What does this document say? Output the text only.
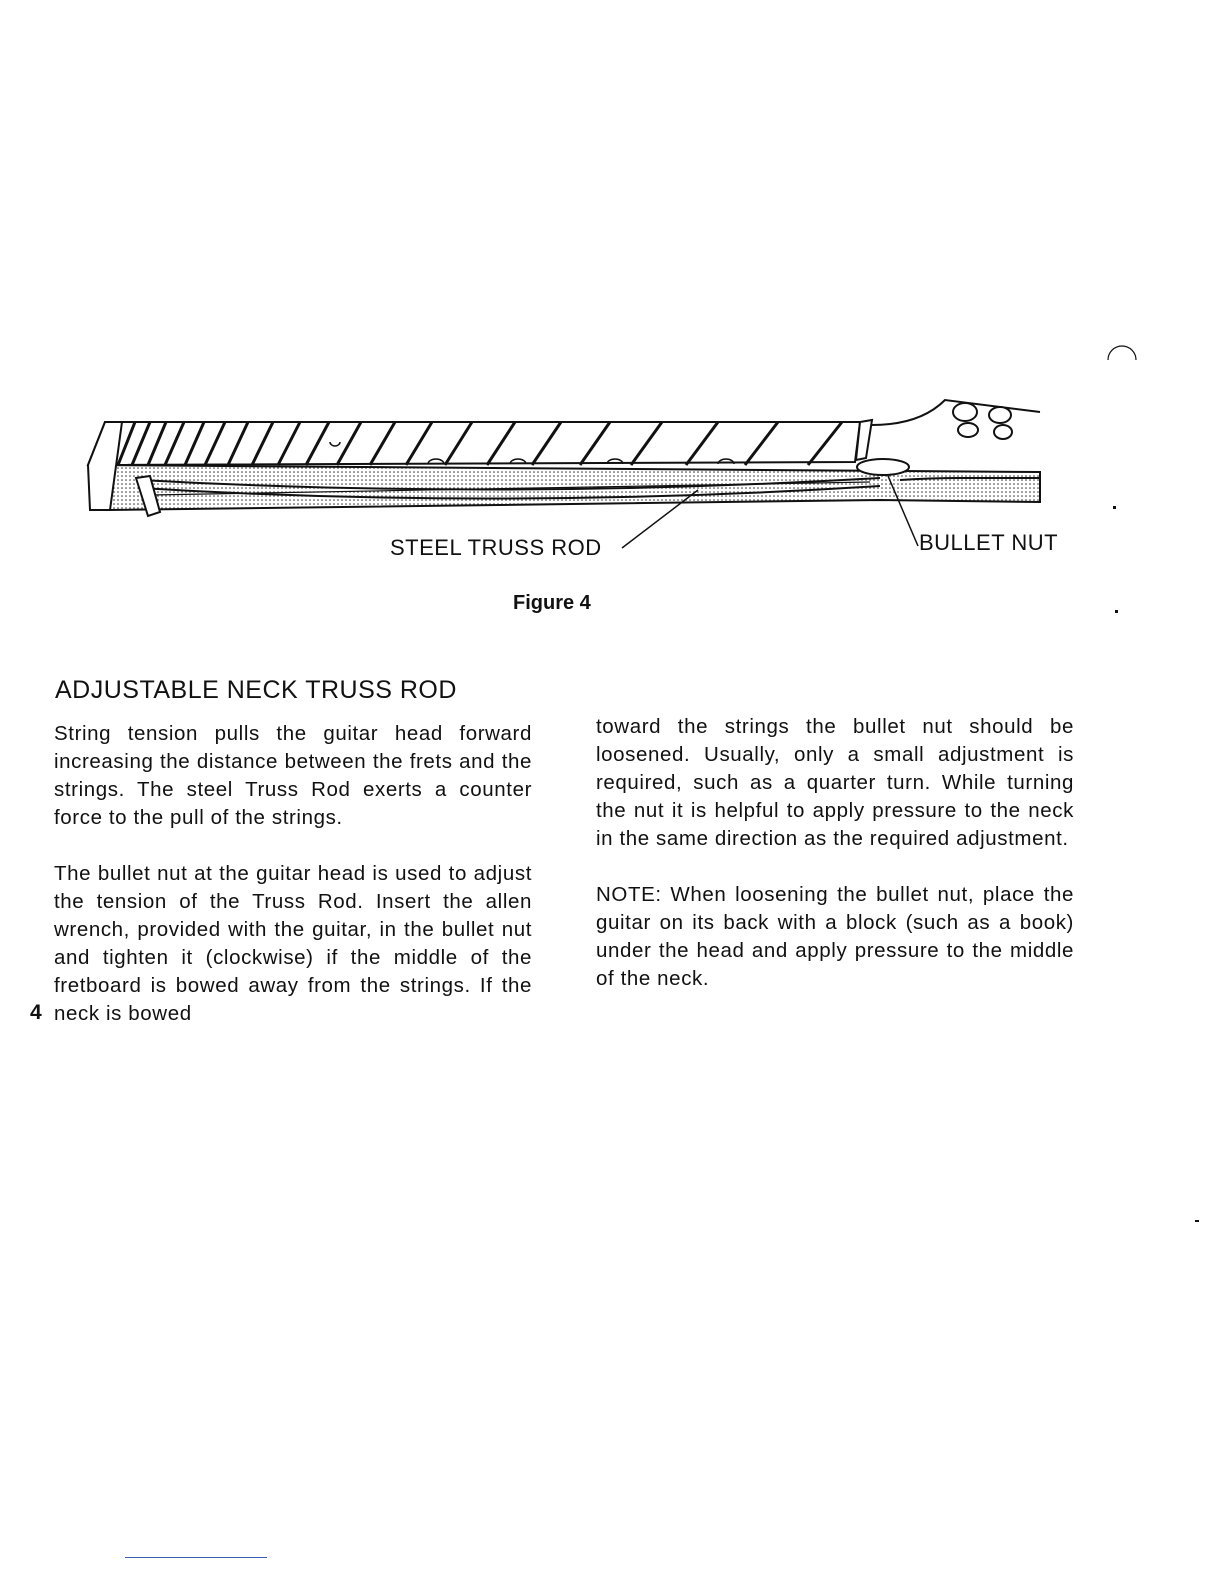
STEEL TRUSS ROD	BULLET NUT
Figure 4
ADJUSTABLE NECK TRUSS ROD

String tension pulls the guitar head forward increasing the distance between the frets and the strings. The steel Truss Rod exerts a counter force to the pull of the strings.

The bullet nut at the guitar head is used to adjust the tension of the Truss Rod. Insert the allen wrench, provided with the guitar, in the bullet nut and tighten it (clockwise) if the middle of the fretboard is bowed away from the strings. If the neck is bowed

toward the strings the bullet nut should be loosened. Usually, only a small adjustment is required, such as a quarter turn. While turning the nut it is helpful to apply pressure to the neck in the same direction as the required adjustment.

NOTE: When loosening the bullet nut, place the guitar on its back with a block (such as a book) under the head and apply pressure to the middle of the neck.

4
